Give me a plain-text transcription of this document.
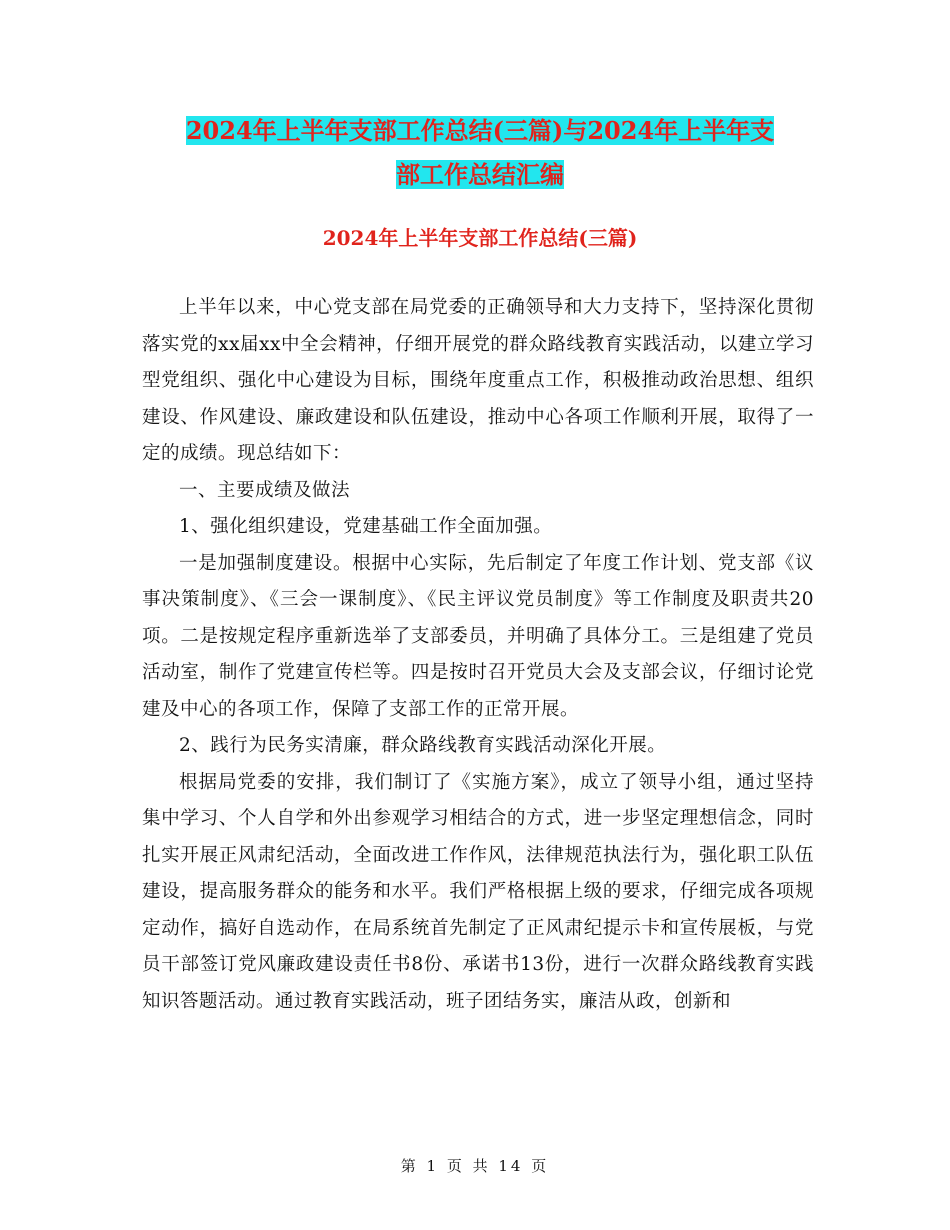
2024年上半年支部工作总结(三篇)与2024年上半年支
部工作总结汇编
2024年上半年支部工作总结(三篇)

上半年以来，中心党支部在局党委的正确领导和大力支持下，坚持深化贯彻落实党的xx届xx中全会精神，仔细开展党的群众路线教育实践活动，以建立学习型党组织、强化中心建设为目标，围绕年度重点工作，积极推动政治思想、组织建设、作风建设、廉政建设和队伍建设，推动中心各项工作顺利开展，取得了一定的成绩。现总结如下：

一、主要成绩及做法

1、强化组织建设，党建基础工作全面加强。

一是加强制度建设。根据中心实际，先后制定了年度工作计划、党支部《议事决策制度》、《三会一课制度》、《民主评议党员制度》等工作制度及职责共20项。二是按规定程序重新选举了支部委员，并明确了具体分工。三是组建了党员活动室，制作了党建宣传栏等。四是按时召开党员大会及支部会议，仔细讨论党建及中心的各项工作，保障了支部工作的正常开展。

2、践行为民务实清廉，群众路线教育实践活动深化开展。

根据局党委的安排，我们制订了《实施方案》，成立了领导小组，通过坚持集中学习、个人自学和外出参观学习相结合的方式，进一步坚定理想信念，同时扎实开展正风肃纪活动，全面改进工作作风，法律规范执法行为，强化职工队伍建设，提高服务群众的能务和水平。我们严格根据上级的要求，仔细完成各项规定动作，搞好自选动作，在局系统首先制定了正风肃纪提示卡和宣传展板，与党员干部签订党风廉政建设责任书8份、承诺书13份，进行一次群众路线教育实践知识答题活动。通过教育实践活动，班子团结务实，廉洁从政，创新和

第 1 页 共 14 页
